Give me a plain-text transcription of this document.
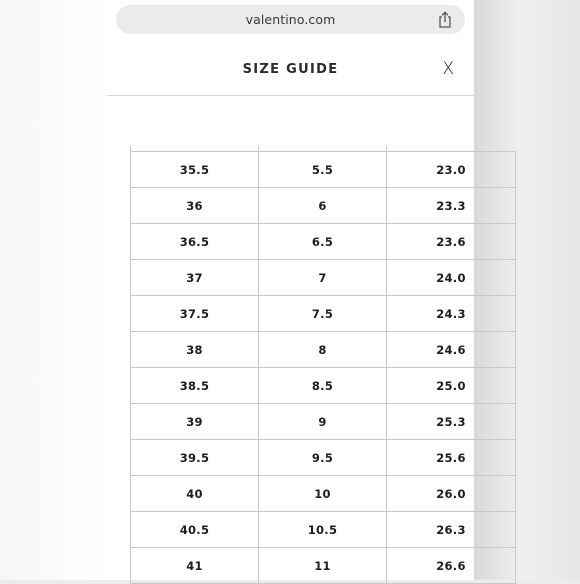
valentino.com
SIZE GUIDE	X
35.5	5.5	23.0
36	6	23.3
36.5	6.5	23.6
37	7	24.0
37.5	7.5	24.3
38	8	24.6
38.5	8.5	25.0
39	9	25.3
39.5	9.5	25.6
40	10	26.0
40.5	10.5	26.3
41	11	26.6
